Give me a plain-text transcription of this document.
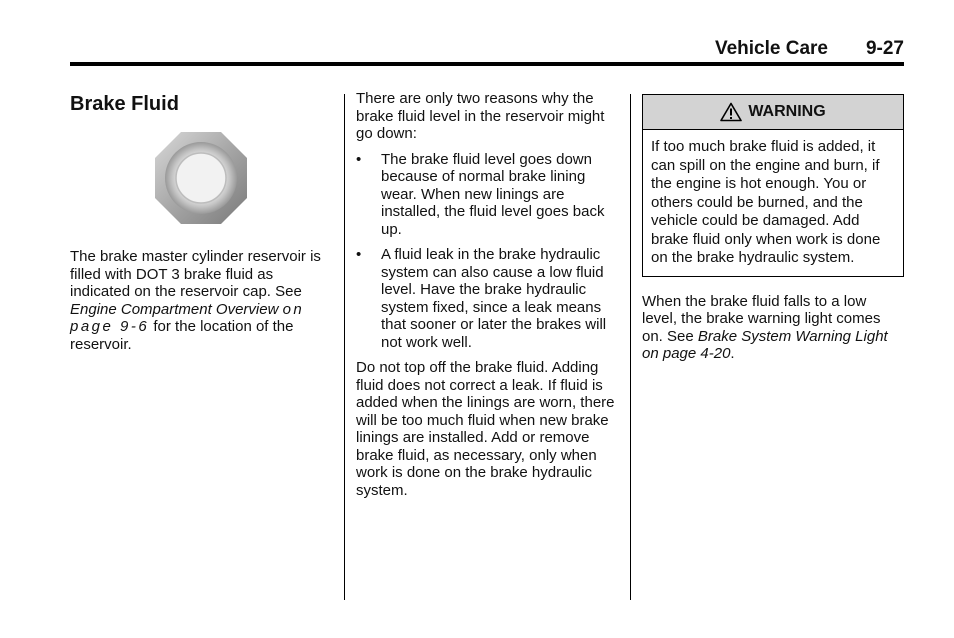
Vehicle Care 9-27
Brake Fluid

The brake master cylinder reservoir is filled with DOT 3 brake fluid as indicated on the reservoir cap. See Engine Compartment Overview on page 9-6 for the location of the reservoir.

There are only two reasons why the brake fluid level in the reservoir might go down:

• The brake fluid level goes down because of normal brake lining wear. When new linings are installed, the fluid level goes back up.
• A fluid leak in the brake hydraulic system can also cause a low fluid level. Have the brake hydraulic system fixed, since a leak means that sooner or later the brakes will not work well.

Do not top off the brake fluid. Adding fluid does not correct a leak. If fluid is added when the linings are worn, there will be too much fluid when new brake linings are installed. Add or remove brake fluid, as necessary, only when work is done on the brake hydraulic system.

WARNING
If too much brake fluid is added, it can spill on the engine and burn, if the engine is hot enough. You or others could be burned, and the vehicle could be damaged. Add brake fluid only when work is done on the brake hydraulic system.

When the brake fluid falls to a low level, the brake warning light comes on. See Brake System Warning Light on page 4-20.
